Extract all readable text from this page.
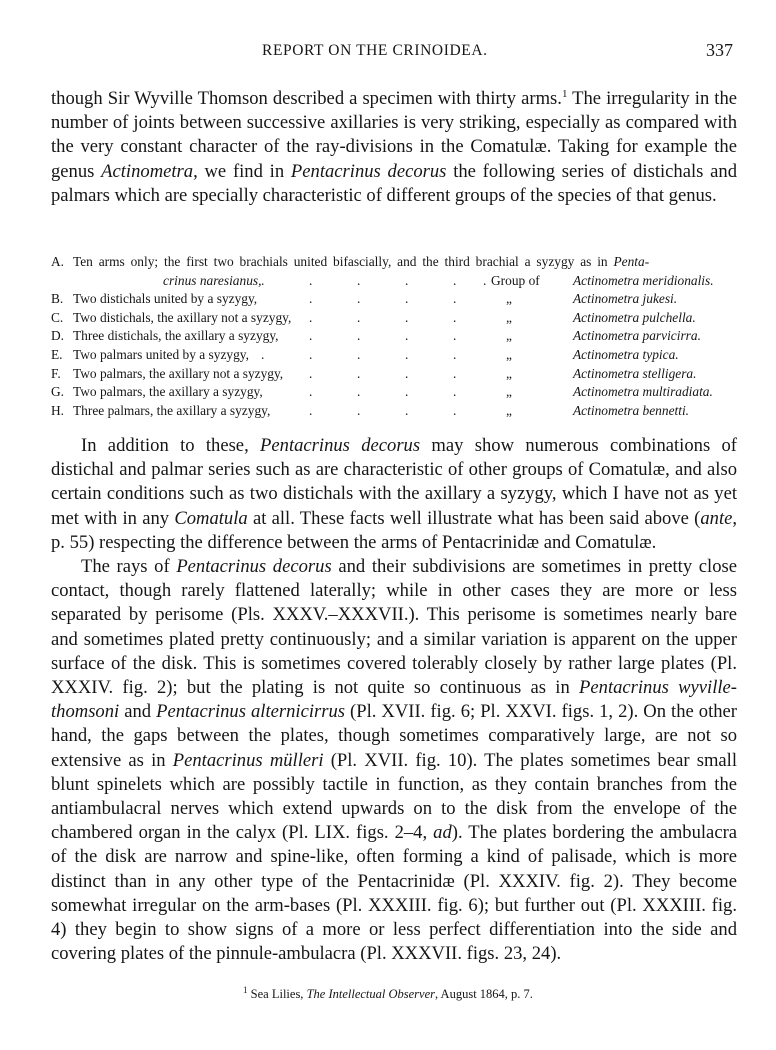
REPORT ON THE CRINOIDEA.	337

though Sir Wyville Thomson described a specimen with thirty arms.$^1$ The irregularity in the number of joints between successive axillaries is very striking, especially as compared with the very constant character of the ray-divisions in the Comatulæ. Taking for example the genus Actinometra, we find in Pentacrinus decorus the following series of distichals and palmars which are specially characteristic of different groups of the species of that genus.

A. Ten arms only; the first two brachials united bifascially, and the third brachial a syzygy as in Penta-
crinus naresianus, .	.	.	.	. . Group of Actinometra meridionalis.
B. Two distichals united by a syzygy,	.	.	.	.	„	Actinometra jukesi.
C. Two distichals, the axillary not a syzygy, .	.	.	.	„	Actinometra pulchella.
D. Three distichals, the axillary a syzygy, .	.	.	.	„	Actinometra parvicirra.
E. Two palmars united by a syzygy, .	.	.	.	.	„	Actinometra typica.
F. Two palmars, the axillary not a syzygy, .	.	.	.	„	Actinometra stelligera.
G. Two palmars, the axillary a syzygy,	.	.	.	.	„	Actinometra multiradiata.
H. Three palmars, the axillary a syzygy,	.	.	.	.	„	Actinometra bennetti.

In addition to these, Pentacrinus decorus may show numerous combinations of distichal and palmar series such as are characteristic of other groups of Comatulæ, and also certain conditions such as two distichals with the axillary a syzygy, which I have not as yet met with in any Comatula at all. These facts well illustrate what has been said above (ante, p. 55) respecting the difference between the arms of Pentacrinidæ and Comatulæ.

The rays of Pentacrinus decorus and their subdivisions are sometimes in pretty close contact, though rarely flattened laterally; while in other cases they are more or less separated by perisome (Pls. XXXV.–XXXVII.). This perisome is sometimes nearly bare and sometimes plated pretty continuously; and a similar variation is apparent on the upper surface of the disk. This is sometimes covered tolerably closely by rather large plates (Pl. XXXIV. fig. 2); but the plating is not quite so continuous as in Pentacrinus wyville-thomsoni and Pentacrinus alternicirrus (Pl. XVII. fig. 6; Pl. XXVI. figs. 1, 2). On the other hand, the gaps between the plates, though sometimes comparatively large, are not so extensive as in Pentacrinus mülleri (Pl. XVII. fig. 10). The plates sometimes bear small blunt spinelets which are possibly tactile in function, as they contain branches from the antiambulacral nerves which extend upwards on to the disk from the envelope of the chambered organ in the calyx (Pl. LIX. figs. 2–4, ad). The plates bordering the ambulacra of the disk are narrow and spine-like, often forming a kind of palisade, which is more distinct than in any other type of the Pentacrinidæ (Pl. XXXIV. fig. 2). They become somewhat irregular on the arm-bases (Pl. XXXIII. fig. 6); but further out (Pl. XXXIII. fig. 4) they begin to show signs of a more or less perfect differentiation into the side and covering plates of the pinnule-ambulacra (Pl. XXXVII. figs. 23, 24).

$^1$ Sea Lilies, The Intellectual Observer, August 1864, p. 7.
